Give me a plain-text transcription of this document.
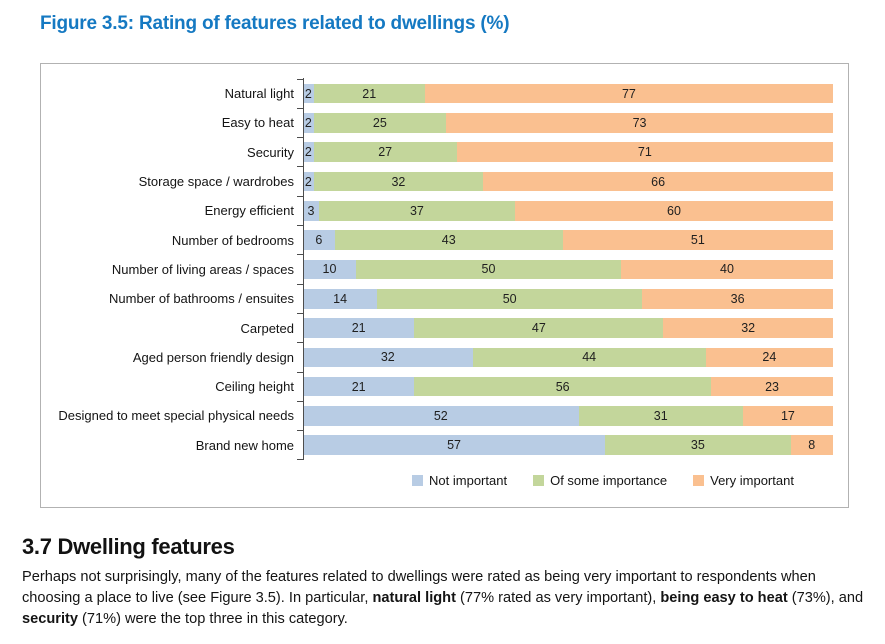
Figure 3.5: Rating of features related to dwellings (%)
Natural light 2	21	77
Easy to heat 2	25	73
Security 2	27	71
Storage space / wardrobes 2	32	66
Energy efficient	3	37	60
Number of bedrooms	6	43	51
Number of living areas / spaces	10	50	40
Number of bathrooms / ensuites	14	50	36
Carpeted	21	47	32
Aged person friendly design	32	44	24
Ceiling height	21	56	23
Designed to meet special physical needs	52	31	17
Brand new home	57	35	8
Not important	Of some importance	Very important
3.7 Dwelling features
Perhaps not surprisingly, many of the features related to dwellings were rated as being very important to respondents when
choosing a place to live (see Figure 3.5). In particular, natural light (77% rated as very important), being easy to heat (73%), and
security (71%) were the top three in this category.
